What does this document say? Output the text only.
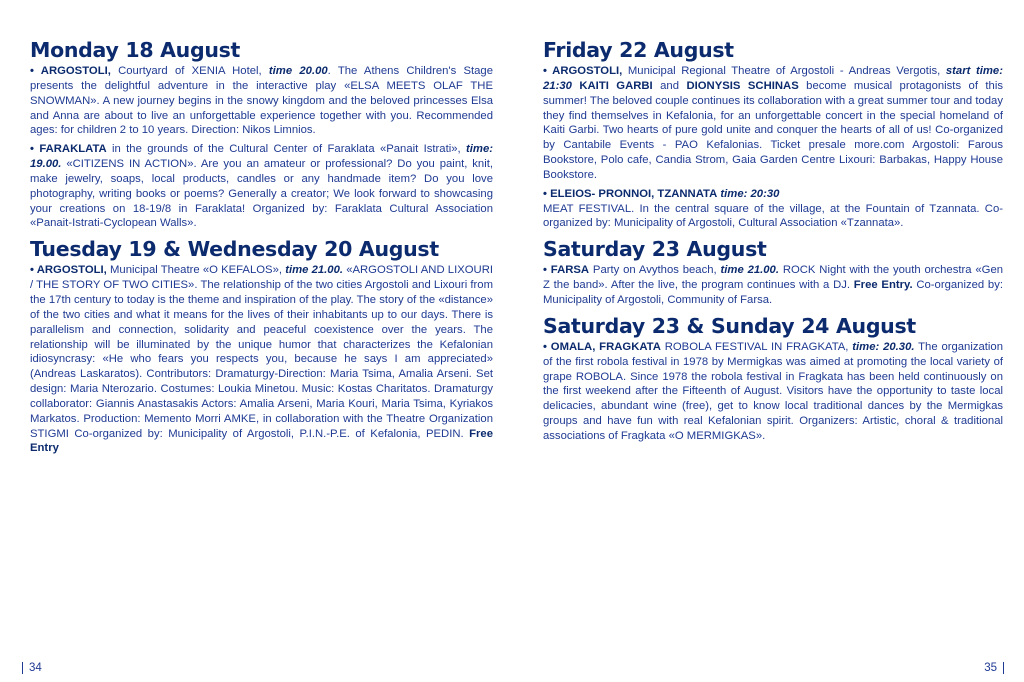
Monday 18 August

• ARGOSTOLI, Courtyard of XENIA Hotel, time 20.00. The Athens Children's Stage presents the delightful adventure in the interactive play «ELSA MEETS OLAF THE SNOWMAN». A new journey begins in the snowy kingdom and the beloved princesses Elsa and Anna are about to live an unforgettable experience together with you. Recommended ages: for children 2 to 10 years. Direction: Nikos Limnios.

• FARAKLATA in the grounds of the Cultural Center of Faraklata «Panait Istrati», time: 19.00. «CITIZENS IN ACTION». Are you an amateur or professional? Do you paint, knit, make jewelry, soaps, local products, candles or any handmade item? Do you love photography, writing books or poems? Generally a creator; We look forward to showcasing your creations on 18-19/8 in Faraklata! Organized by: Faraklata Cultural Association «Panait-Istrati-Cyclopean Walls».

Tuesday 19 & Wednesday 20 August

• ARGOSTOLI, Municipal Theatre «O KEFALOS», time 21.00. «ARGOSTOLI AND LIXOURI / THE STORY OF TWO CITIES». The relationship of the two cities Argostoli and Lixouri from the 17th century to today is the theme and inspiration of the play. The story of the «distance» of the two cities and what it means for the lives of their inhabitants up to our days. There is parallelism and connection, solidarity and peaceful coexistence over the years. The relationship will be illuminated by the unique humor that characterizes the Kefalonian idiosyncrasy: «He who fears you respects you, because he says I am appreciated» (Andreas Laskaratos). Contributors: Dramaturgy-Direction: Maria Tsima, Amalia Arseni. Set design: Maria Nterozario. Costumes: Loukia Minetou. Music: Kostas Charitatos. Dramaturgy collaborator: Giannis Anastasakis Actors: Amalia Arseni, Maria Kouri, Maria Tsima, Kyriakos Markatos. Production: Memento Morri AMKE, in collaboration with the Theatre Organization STIGMI Co-organized by: Municipality of Argostoli, P.I.N.-P.E. of Kefalonia, PEDIN. Free Entry

34
Friday 22 August

• ARGOSTOLI, Municipal Regional Theatre of Argostoli - Andreas Vergotis, start time: 21:30 KAITI GARBI and DIONYSIS SCHINAS become musical protagonists of this summer! The beloved couple continues its collaboration with a great summer tour and today they find themselves in Kefalonia, for an unforgettable concert in the special homeland of Kaiti Garbi. Two hearts of pure gold unite and conquer the hearts of all of us! Co-organized by Cantabile Events - PAO Kefalonias. Ticket presale more.com Argostoli: Farous Bookstore, Polo cafe, Candia Strom, Gaia Garden Centre Lixouri: Barbakas, Happy House Bookstore.

• ELEIOS- PRONNOI, TZANNATA time: 20:30

MEAT FESTIVAL. In the central square of the village, at the Fountain of Tzannata. Co-organized by: Municipality of Argostoli, Cultural Association «Tzannata».

Saturday 23 August

• FARSA Party on Avythos beach, time 21.00. ROCK Night with the youth orchestra «Gen Z the band». After the live, the program continues with a DJ. Free Entry. Co-organized by: Municipality of Argostoli, Community of Farsa.

Saturday 23 & Sunday 24 August

• OMALA, FRAGKATA ROBOLA FESTIVAL IN FRAGKATA, time: 20.30. The organization of the first robola festival in 1978 by Mermigkas was aimed at promoting the local variety of grape ROBOLA. Since 1978 the robola festival in Fragkata has been held continuously on the first weekend after the Fifteenth of August. Visitors have the opportunity to taste local delicacies, abundant wine (free), get to know local traditional dances by the Mermigkas groups and have fun with real Kefalonian spirit. Organizers: Artistic, choral & traditional associations of Fragkata «O MERMIGKAS».

35
